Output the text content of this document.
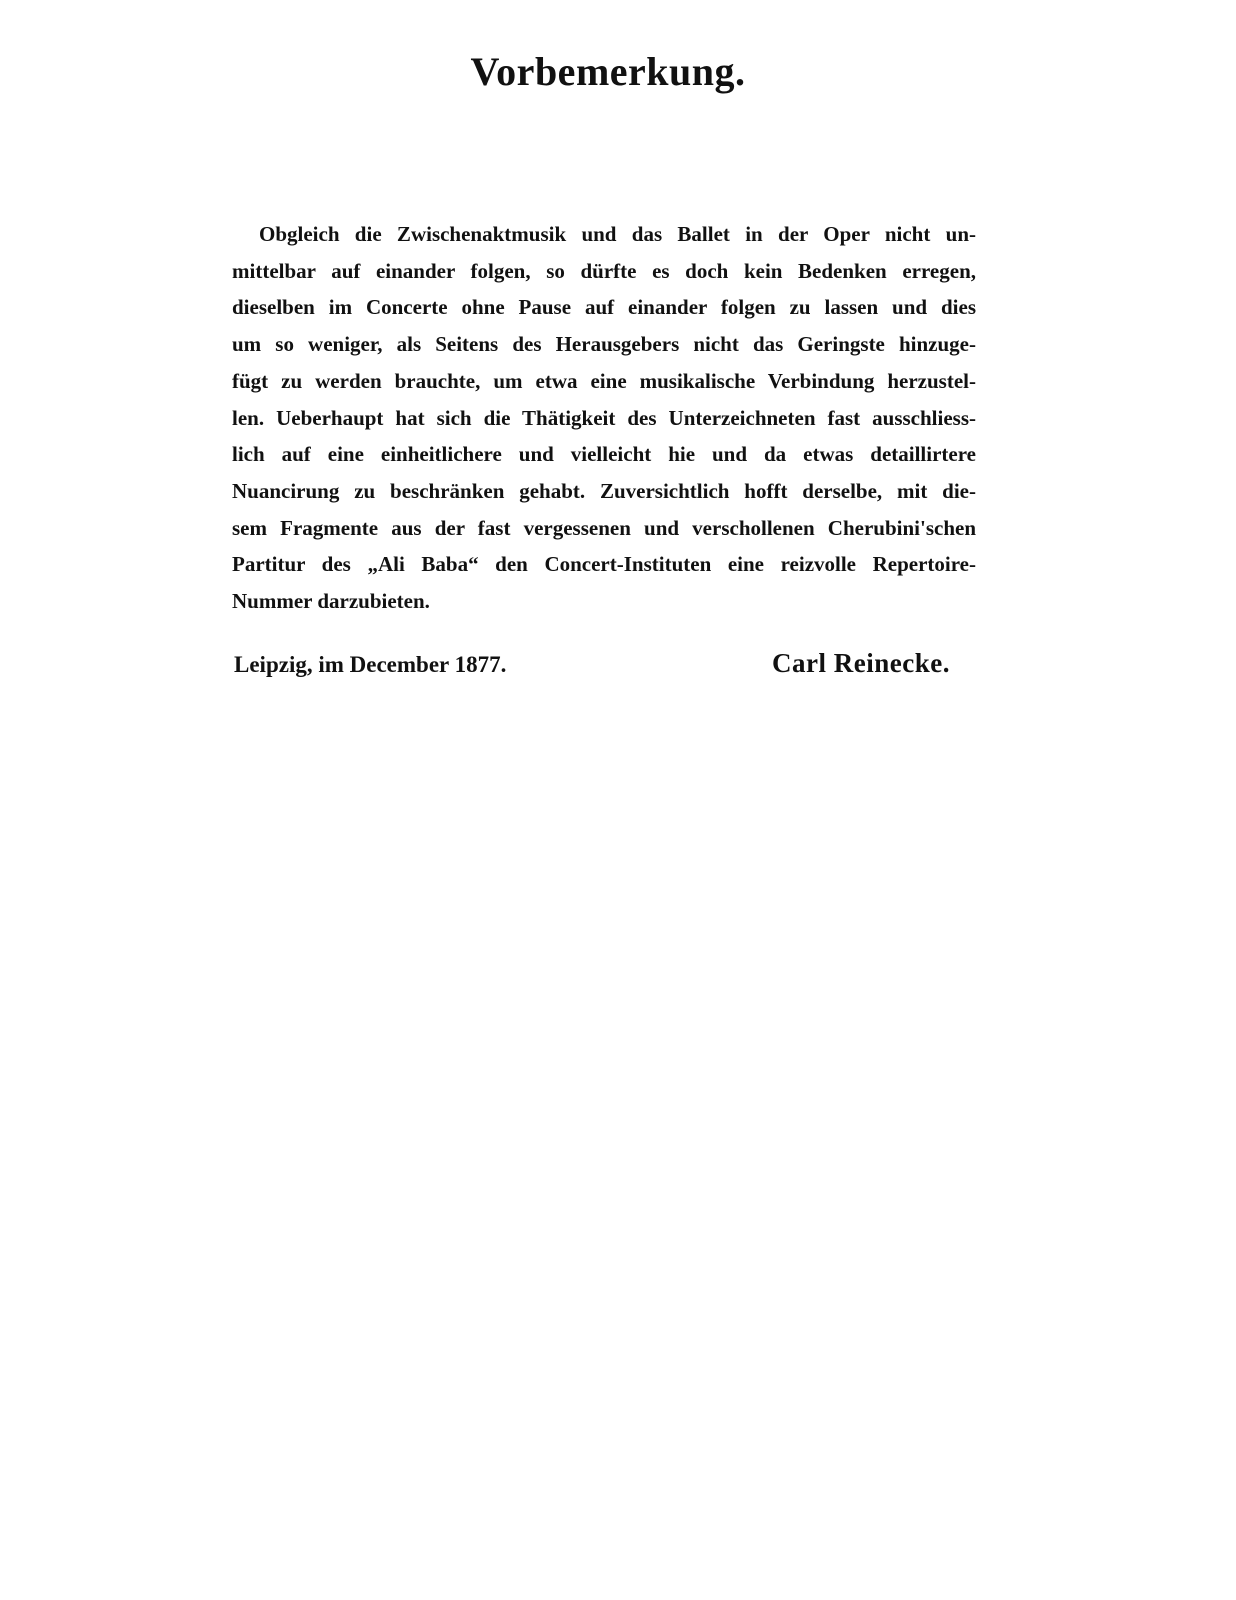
Vorbemerkung.
Obgleich die Zwischenaktmusik und das Ballet in der Oper nicht un-
mittelbar auf einander folgen, so dürfte es doch kein Bedenken erregen,
dieselben im Concerte ohne Pause auf einander folgen zu lassen und dies
um so weniger, als Seitens des Herausgebers nicht das Geringste hinzuge-
fügt zu werden brauchte, um etwa eine musikalische Verbindung herzustel-
len. Ueberhaupt hat sich die Thätigkeit des Unterzeichneten fast ausschliess-
lich auf eine einheitlichere und vielleicht hie und da etwas detaillirtere
Nuancirung zu beschränken gehabt. Zuversichtlich hofft derselbe, mit die-
sem Fragmente aus der fast vergessenen und verschollenen Cherubini'schen
Partitur des „Ali Baba“ den Concert-Instituten eine reizvolle Repertoire-
Nummer darzubieten.
Leipzig, im December 1877.	Carl Reinecke.
